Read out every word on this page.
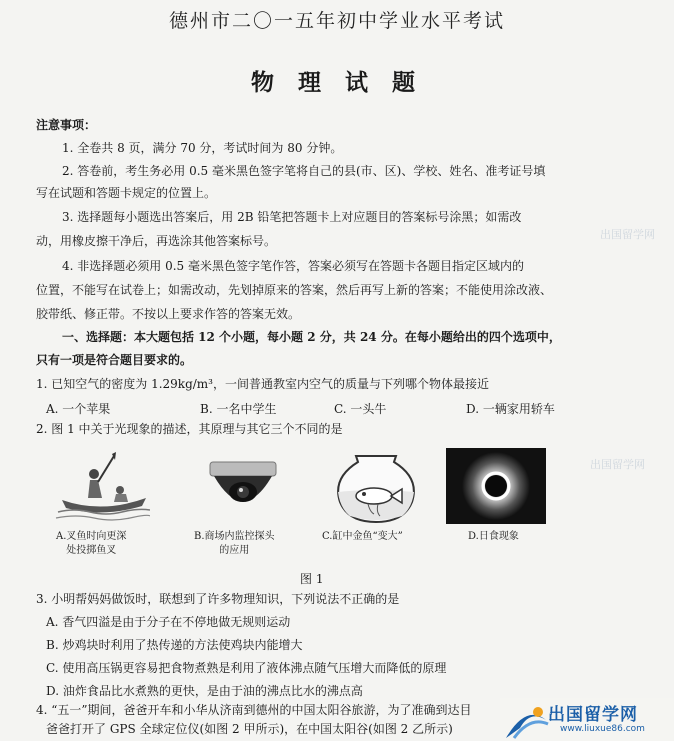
德州市二〇一五年初中学业水平考试
物 理 试 题
注意事项：
1. 全卷共 8 页，满分 70 分，考试时间为 80 分钟。
2. 答卷前，考生务必用 0.5 毫米黑色签字笔将自己的县(市、区)、学校、姓名、准考证号填
写在试题和答题卡规定的位置上。
3. 选择题每小题选出答案后，用 2B 铅笔把答题卡上对应题目的答案标号涂黑；如需改
动，用橡皮擦干净后，再选涂其他答案标号。
4. 非选择题必须用 0.5 毫米黑色签字笔作答，答案必须写在答题卡各题目指定区域内的
位置，不能写在试卷上；如需改动，先划掉原来的答案，然后再写上新的答案；不能使用涂改液、
胶带纸、修正带。不按以上要求作答的答案无效。
一、选择题：本大题包括 12 个小题，每小题 2 分，共 24 分。在每小题给出的四个选项中，
只有一项是符合题目要求的。
1. 已知空气的密度为 1.29kg/m³，一间普通教室内空气的质量与下列哪个物体最接近
A. 一个苹果	B. 一名中学生	C. 一头牛	D. 一辆家用轿车
2. 图 1 中关于光现象的描述，其原理与其它三个不同的是
A.叉鱼时向更深
处投掷鱼叉
B.商场内监控探头
的应用
C.缸中金鱼“变大”	D.日食现象
图 1
3. 小明帮妈妈做饭时，联想到了许多物理知识，下列说法不正确的是
A. 香气四溢是由于分子在不停地做无规则运动
B. 炒鸡块时利用了热传递的方法使鸡块内能增大
C. 使用高压锅更容易把食物煮熟是利用了液体沸点随气压增大而降低的原理
D. 油炸食品比水煮熟的更快，是由于油的沸点比水的沸点高
4. “五一”期间，爸爸开车和小华从济南到德州的中国太阳谷旅游，为了准确到达目
爸爸打开了 GPS 全球定位仪(如图 2 甲所示)，在中国太阳谷(如图 2 乙所示)
出国留学网
出国留学网
出国留学网
www.liuxue86.com
